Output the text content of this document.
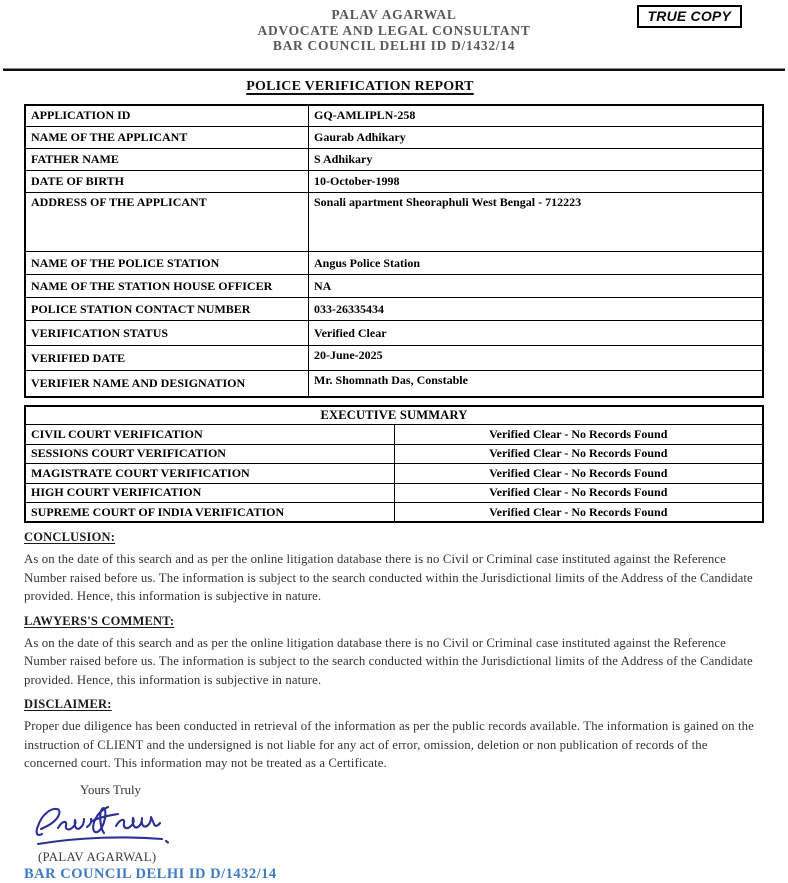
PALAV AGARWAL
ADVOCATE AND LEGAL CONSULTANT
BAR COUNCIL DELHI ID D/1432/14
TRUE COPY
POLICE VERIFICATION REPORT
APPLICATION ID	GQ-AMLIPLN-258
NAME OF THE APPLICANT	Gaurab Adhikary
FATHER NAME	S Adhikary
DATE OF BIRTH	10-October-1998
ADDRESS OF THE APPLICANT	Sonali apartment Sheoraphuli West Bengal - 712223
NAME OF THE POLICE STATION	Angus Police Station
NAME OF THE STATION HOUSE OFFICER	NA
POLICE STATION CONTACT NUMBER	033-26335434
VERIFICATION STATUS	Verified Clear
VERIFIED DATE	20-June-2025
VERIFIER NAME AND DESIGNATION	Mr. Shomnath Das, Constable
EXECUTIVE SUMMARY	
CIVIL COURT VERIFICATION	Verified Clear - No Records Found
SESSIONS COURT VERIFICATION	Verified Clear - No Records Found
MAGISTRATE COURT VERIFICATION	Verified Clear - No Records Found
HIGH COURT VERIFICATION	Verified Clear - No Records Found
SUPREME COURT OF INDIA VERIFICATION	Verified Clear - No Records Found
CONCLUSION:
As on the date of this search and as per the online litigation database there is no Civil or Criminal case instituted against the Reference Number raised before us. The information is subject to the search conducted within the Jurisdictional limits of the Address of the Candidate provided. Hence, this information is subjective in nature.
LAWYERS'S COMMENT:
As on the date of this search and as per the online litigation database there is no Civil or Criminal case instituted against the Reference Number raised before us. The information is subject to the search conducted within the Jurisdictional limits of the Address of the Candidate provided. Hence, this information is subjective in nature.
DISCLAIMER:
Proper due diligence has been conducted in retrieval of the information as per the public records available. The information is gained on the instruction of CLIENT and the undersigned is not liable for any act of error, omission, deletion or non publication of records of the concerned court. This information may not be treated as a Certificate.
Yours Truly
(PALAV AGARWAL)
BAR COUNCIL DELHI ID D/1432/14
